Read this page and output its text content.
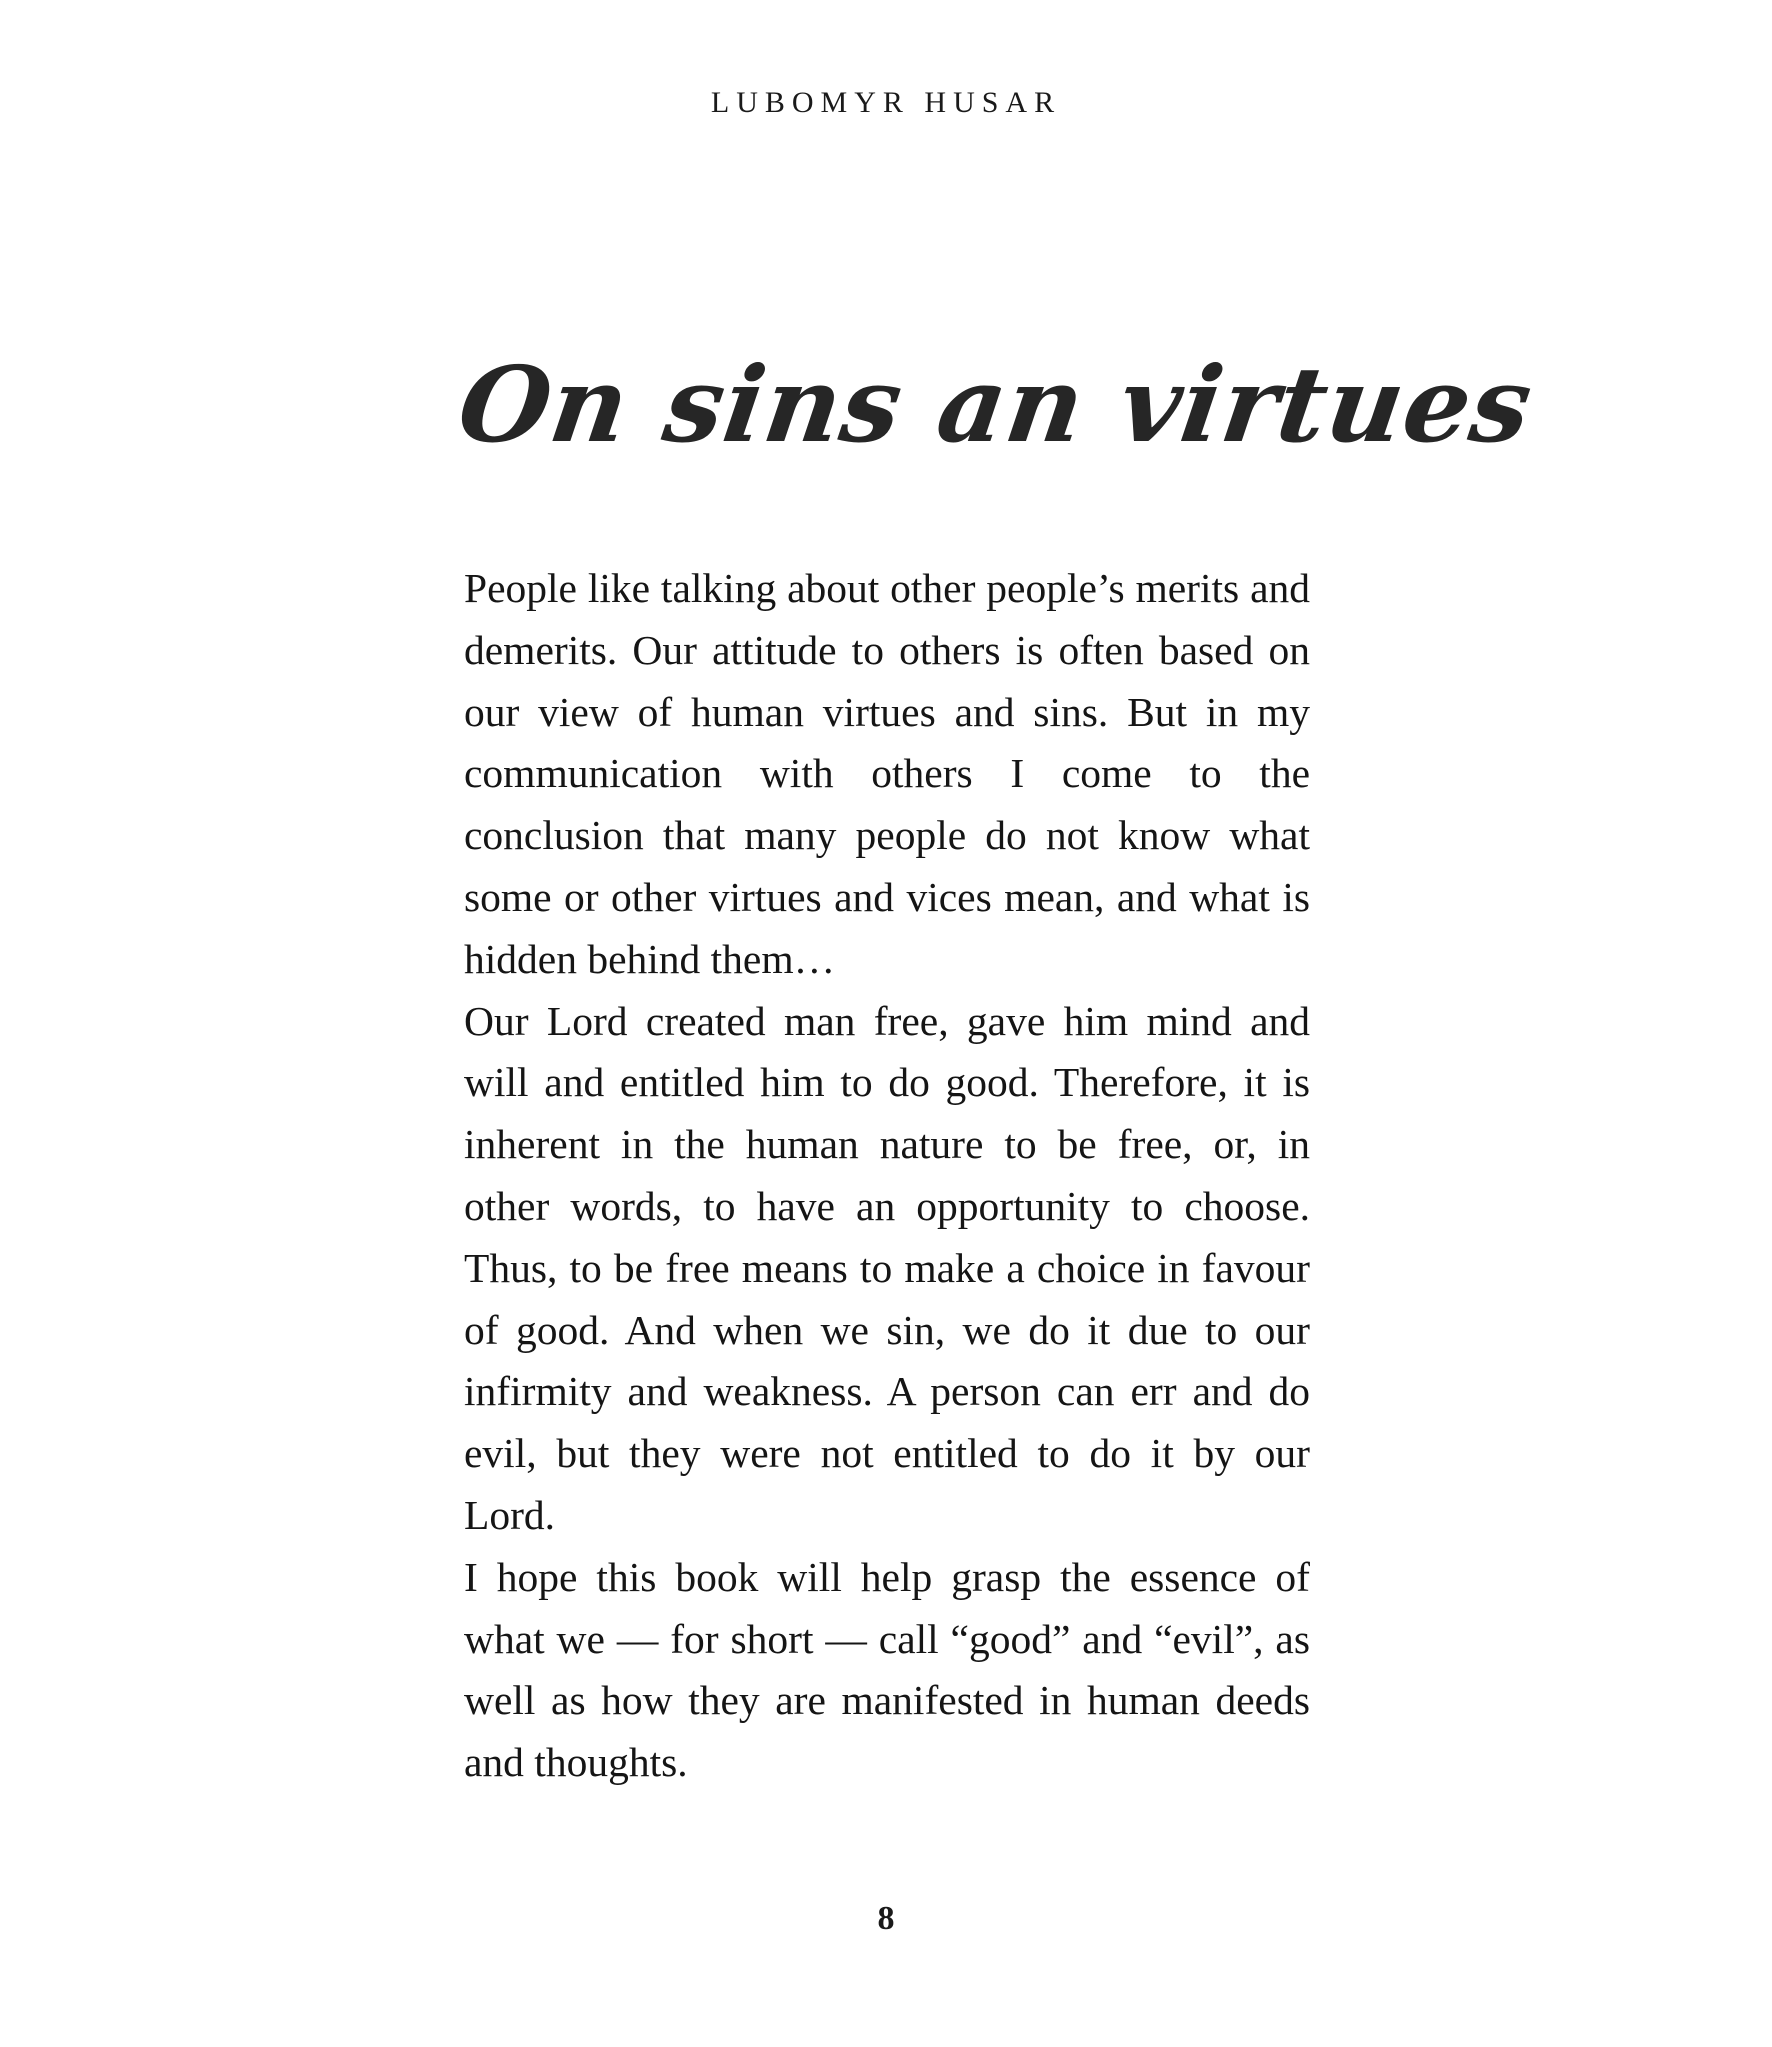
LUBOMYR HUSAR
On sins an virtues

People like talking about other people’s merits and demerits. Our attitude to others is often based on our view of human virtues and sins. But in my communication with others I come to the conclusion that many people do not know what some or other virtues and vices mean, and what is hidden behind them…

Our Lord created man free, gave him mind and will and entitled him to do good. Therefore, it is inherent in the human nature to be free, or, in other words, to have an opportunity to choose. Thus, to be free means to make a choice in favour of good. And when we sin, we do it due to our infirmity and weakness. A person can err and do evil, but they were not entitled to do it by our Lord.

I hope this book will help grasp the essence of what we — for short — call “good” and “evil”, as well as how they are manifested in human deeds and thoughts.

8
